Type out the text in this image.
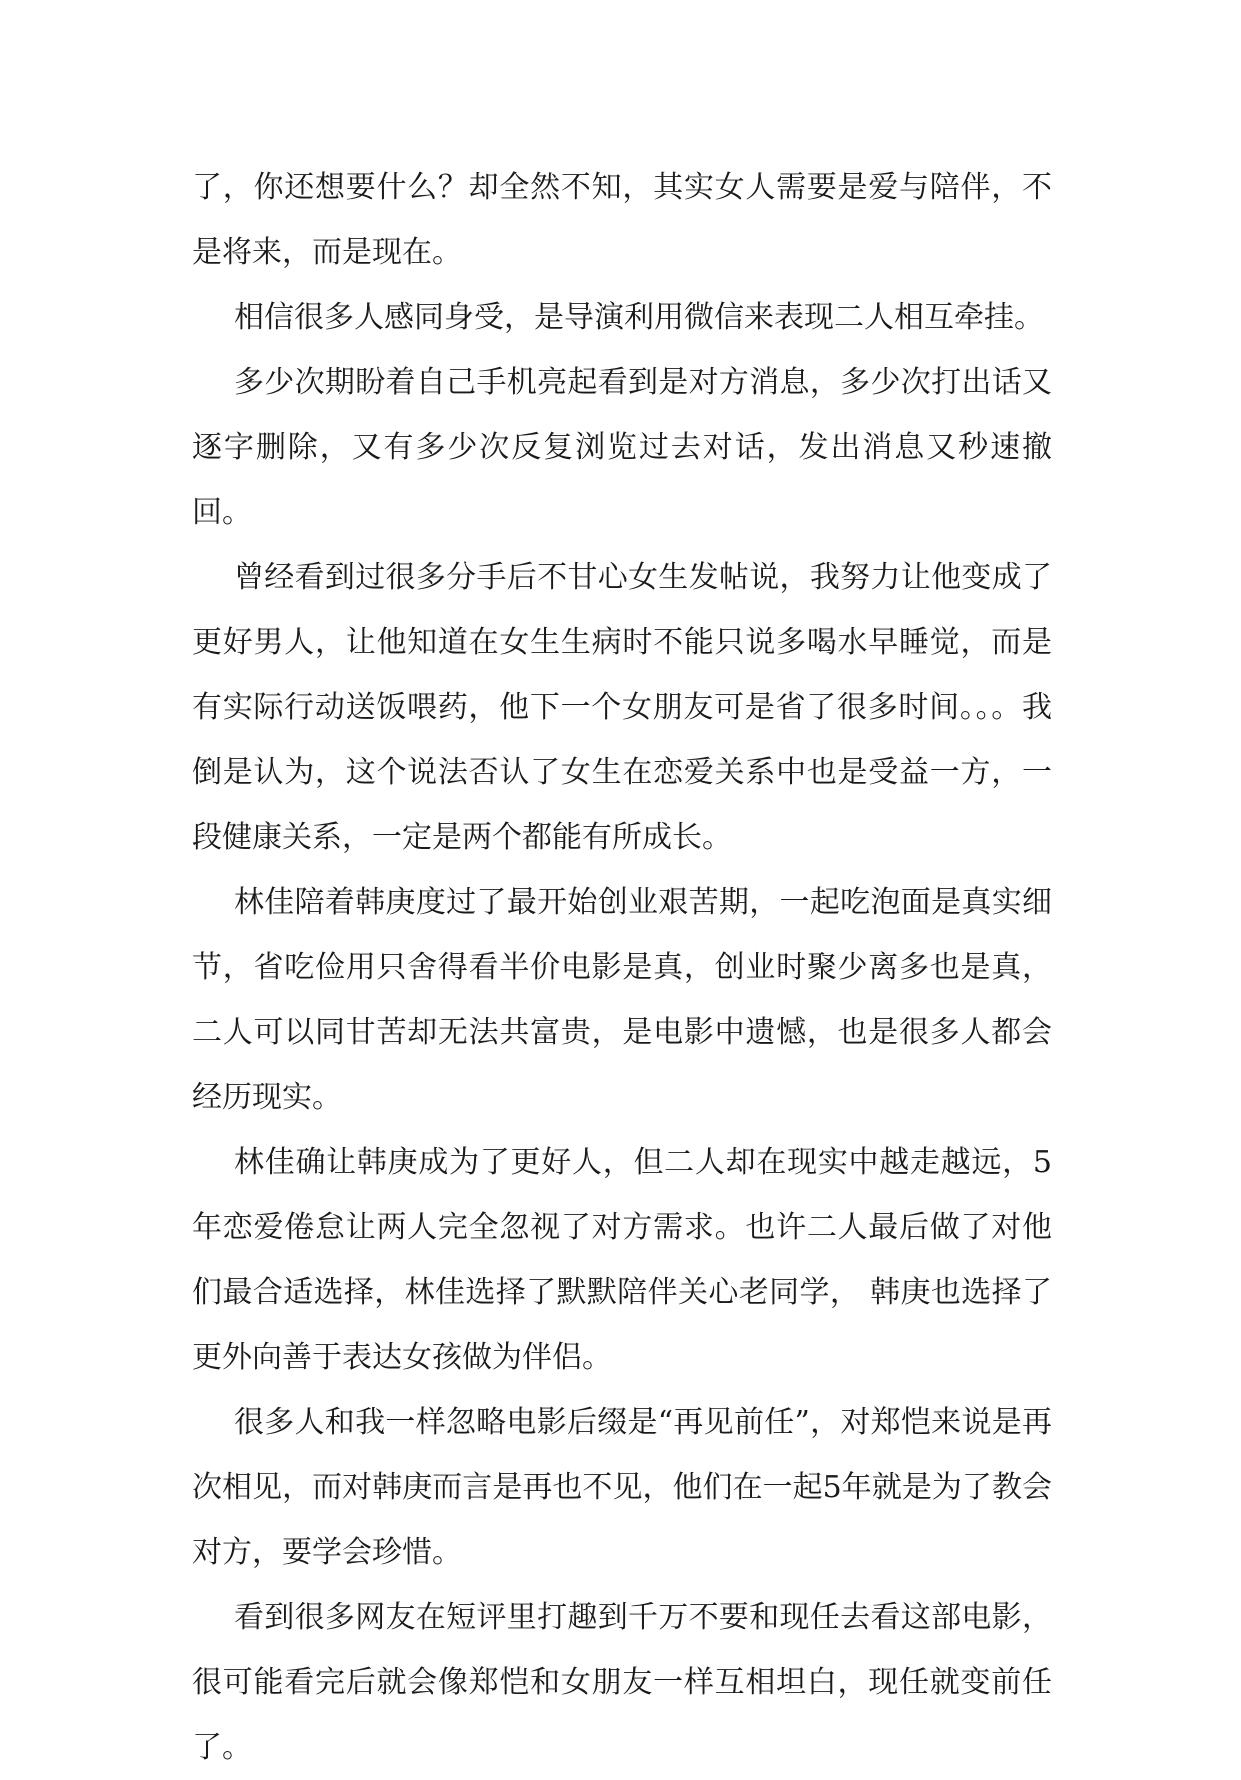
了，你还想要什么？却全然不知，其实女人需要是爱与陪伴，不是将来，而是现在。

相信很多人感同身受，是导演利用微信来表现二人相互牵挂。

多少次期盼着自己手机亮起看到是对方消息，多少次打出话又逐字删除，又有多少次反复浏览过去对话，发出消息又秒速撤回。

曾经看到过很多分手后不甘心女生发帖说，我努力让他变成了更好男人，让他知道在女生生病时不能只说多喝水早睡觉，而是有实际行动送饭喂药，他下一个女朋友可是省了很多时间。。。我倒是认为，这个说法否认了女生在恋爱关系中也是受益一方，一段健康关系，一定是两个都能有所成长。

林佳陪着韩庚度过了最开始创业艰苦期，一起吃泡面是真实细节，省吃俭用只舍得看半价电影是真，创业时聚少离多也是真，二人可以同甘苦却无法共富贵，是电影中遗憾，也是很多人都会经历现实。

林佳确让韩庚成为了更好人，但二人却在现实中越走越远，5年恋爱倦怠让两人完全忽视了对方需求。也许二人最后做了对他们最合适选择，林佳选择了默默陪伴关心老同学， 韩庚也选择了更外向善于表达女孩做为伴侣。

很多人和我一样忽略电影后缀是“再见前任”，对郑恺来说是再次相见，而对韩庚而言是再也不见，他们在一起5年就是为了教会对方，要学会珍惜。

看到很多网友在短评里打趣到千万不要和现任去看这部电影，很可能看完后就会像郑恺和女朋友一样互相坦白，现任就变前任了。
